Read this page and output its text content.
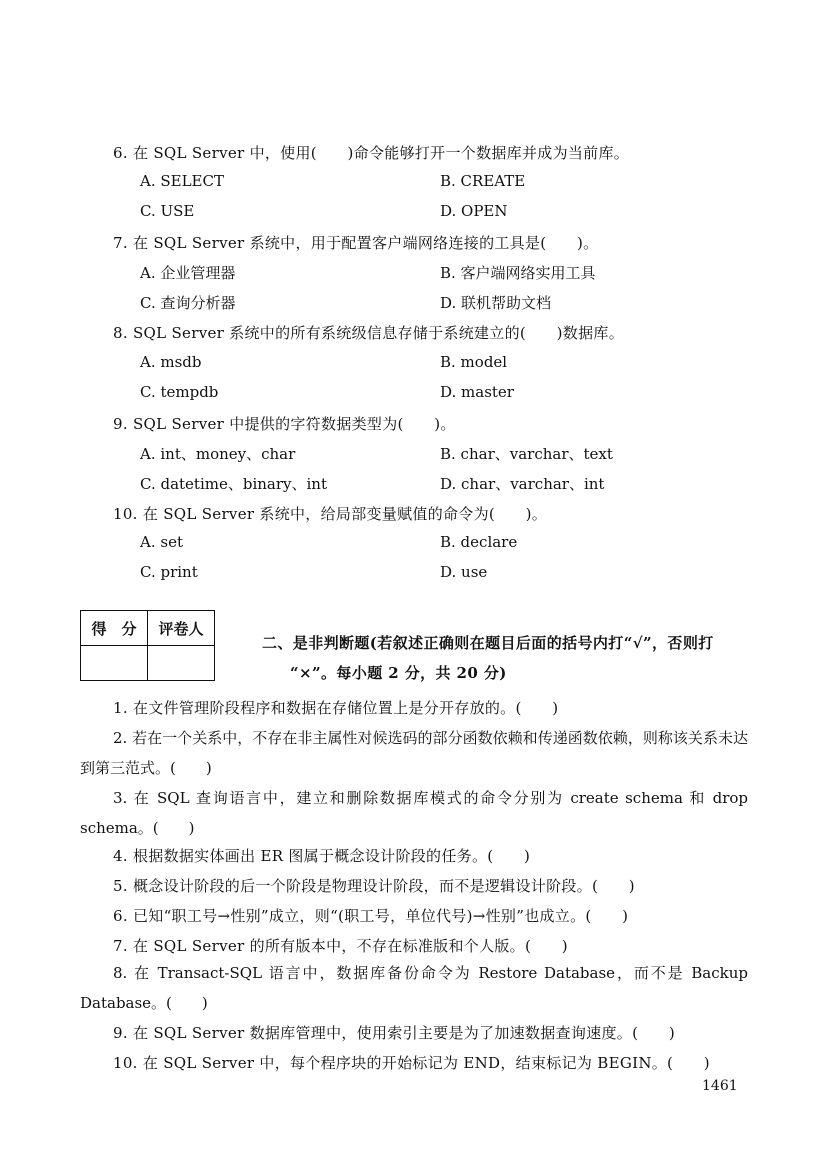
6. 在 SQL Server 中，使用(　　)命令能够打开一个数据库并成为当前库。
A. SELECT	B. CREATE
C. USE	D. OPEN
7. 在 SQL Server 系统中，用于配置客户端网络连接的工具是(　　)。
A. 企业管理器	B. 客户端网络实用工具
C. 查询分析器	D. 联机帮助文档
8. SQL Server 系统中的所有系统级信息存储于系统建立的(　　)数据库。
A. msdb	B. model
C. tempdb	D. master
9. SQL Server 中提供的字符数据类型为(　　)。
A. int、money、char	B. char、varchar、text
C. datetime、binary、int	D. char、varchar、int
10. 在 SQL Server 系统中，给局部变量赋值的命令为(　　)。
A. set	B. declare
C. print	D. use
得　分	评卷人

二、是非判断题(若叙述正确则在题目后面的括号内打“√”，否则打
“×”。每小题 2 分，共 20 分)
1. 在文件管理阶段程序和数据在存储位置上是分开存放的。(　　)
2. 若在一个关系中，不存在非主属性对候选码的部分函数依赖和传递函数依赖，则称该关系未达到第三范式。(　　)
3. 在 SQL 查询语言中，建立和删除数据库模式的命令分别为 create schema 和 drop schema。(　　)
4. 根据数据实体画出 ER 图属于概念设计阶段的任务。(　　)
5. 概念设计阶段的后一个阶段是物理设计阶段，而不是逻辑设计阶段。(　　)
6. 已知“职工号→性别”成立，则“(职工号，单位代号)→性别”也成立。(　　)
7. 在 SQL Server 的所有版本中，不存在标准版和个人版。(　　)
8. 在 Transact-SQL 语言中，数据库备份命令为 Restore Database，而不是 Backup Database。(　　)
9. 在 SQL Server 数据库管理中，使用索引主要是为了加速数据查询速度。(　　)
10. 在 SQL Server 中，每个程序块的开始标记为 END，结束标记为 BEGIN。(　　)
1461
